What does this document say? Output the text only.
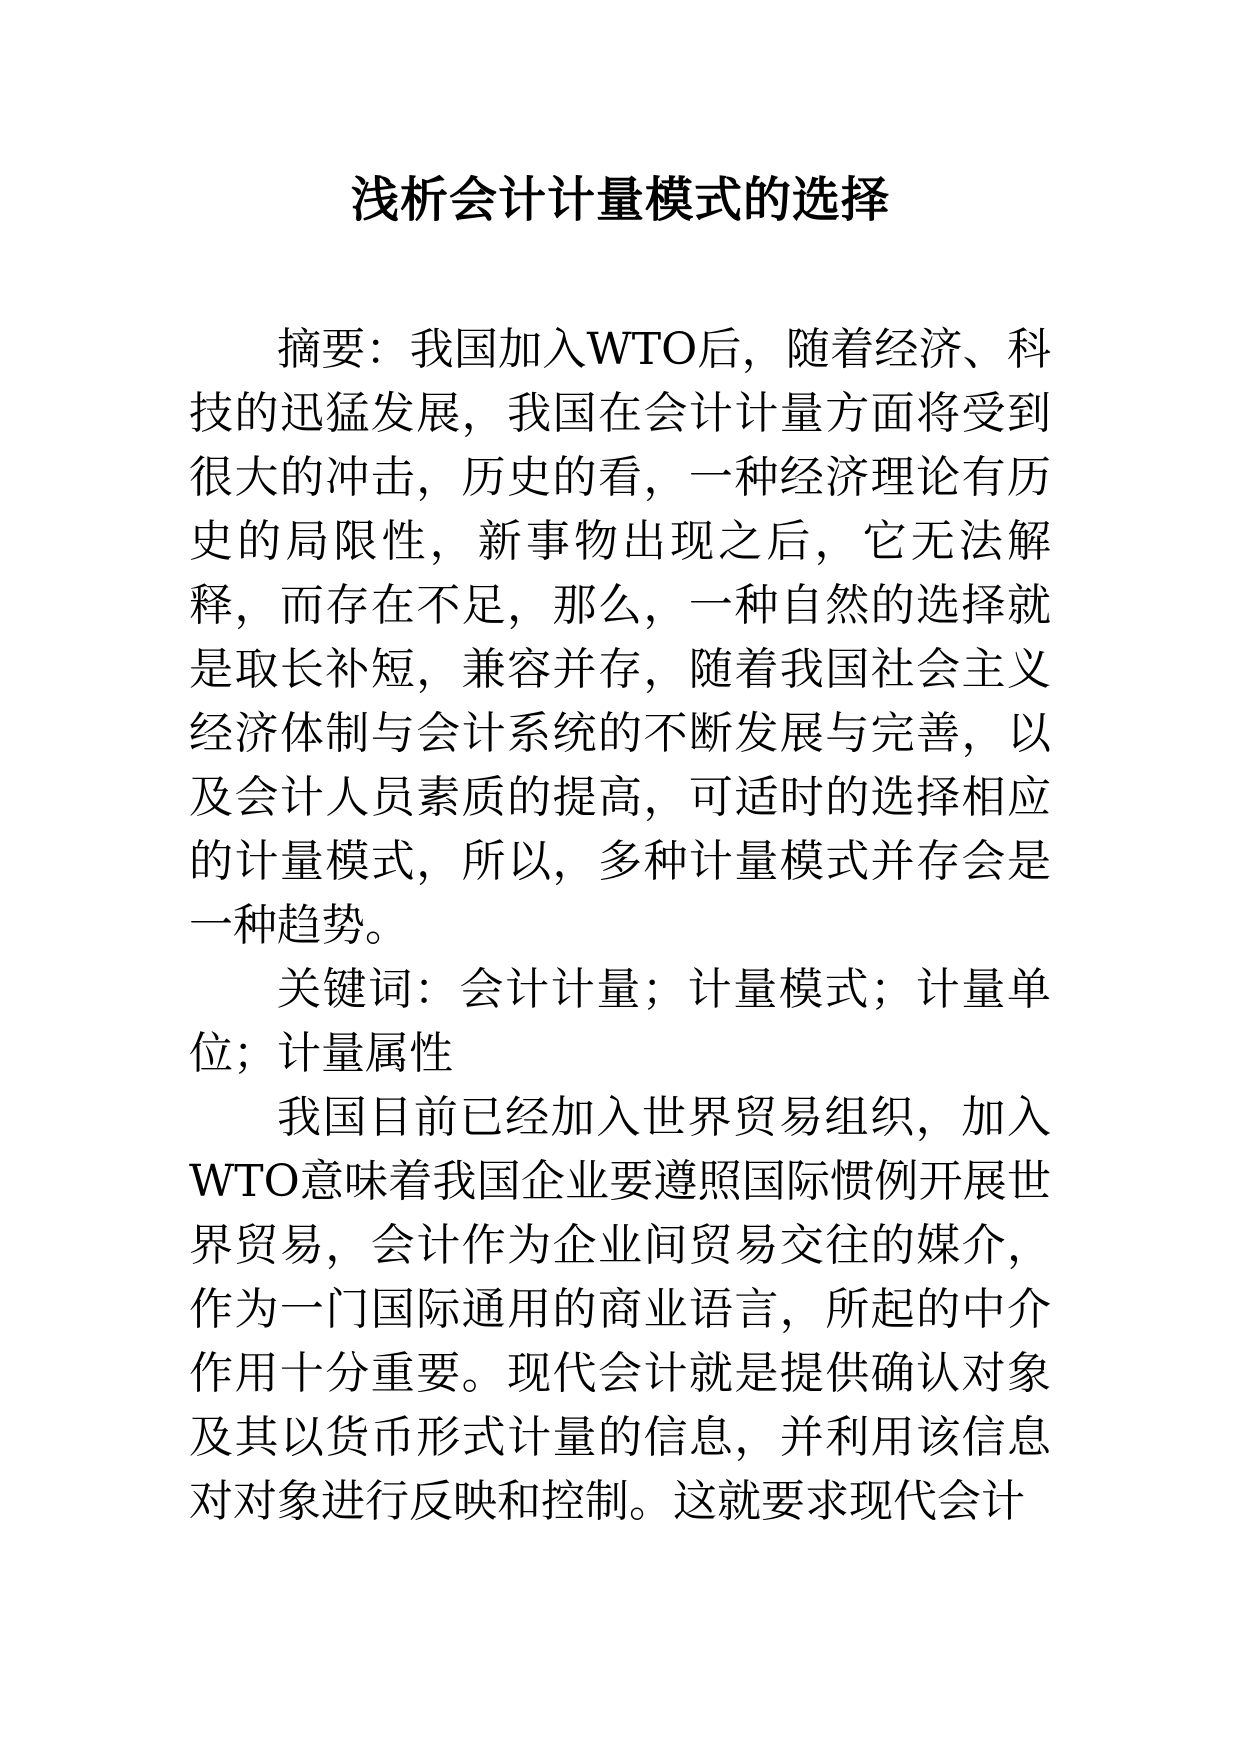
浅析会计计量模式的选择

摘要：我国加入WTO后，随着经济、科技的迅猛发展，我国在会计计量方面将受到很大的冲击，历史的看，一种经济理论有历史的局限性，新事物出现之后，它无法解释，而存在不足，那么，一种自然的选择就是取长补短，兼容并存，随着我国社会主义经济体制与会计系统的不断发展与完善，以及会计人员素质的提高，可适时的选择相应的计量模式，所以，多种计量模式并存会是一种趋势。

关键词：会计计量；计量模式；计量单位；计量属性

我国目前已经加入世界贸易组织，加入WTO意味着我国企业要遵照国际惯例开展世界贸易，会计作为企业间贸易交往的媒介，作为一门国际通用的商业语言，所起的中介作用十分重要。现代会计就是提供确认对象及其以货币形式计量的信息，并利用该信息对对象进行反映和控制。这就要求现代会计
